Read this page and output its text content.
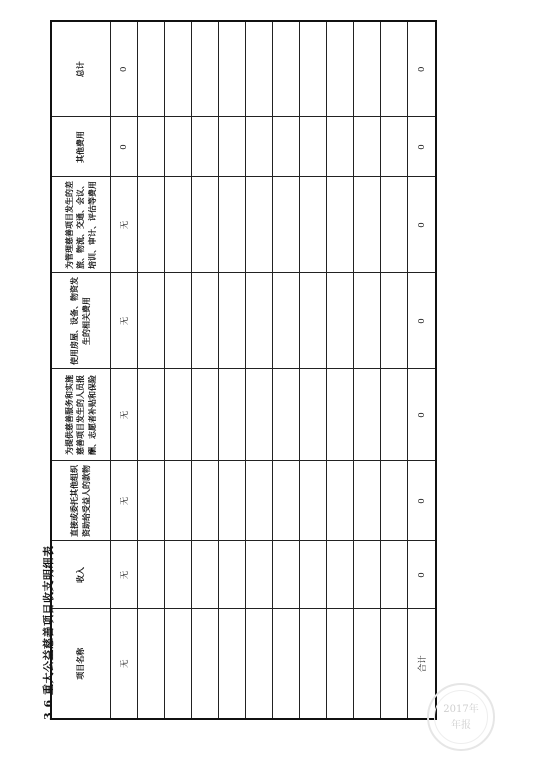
3.6 重大公益慈善项目收支明细表	项目名称	收入	直接或委托其他组织资助给受益人的款物	为提供慈善服务和实施慈善项目发生的人员报酬、志愿者补贴和保险	使用房屋、设备、物资发生的相关费用	为管理慈善项目发生的差旅、物流、交通、会议、培训、审计、评估等费用	其他费用	总计
无	无	无	无	无	无	0	0

合计	0	0	0	0	0	0	0
2017年
年报
